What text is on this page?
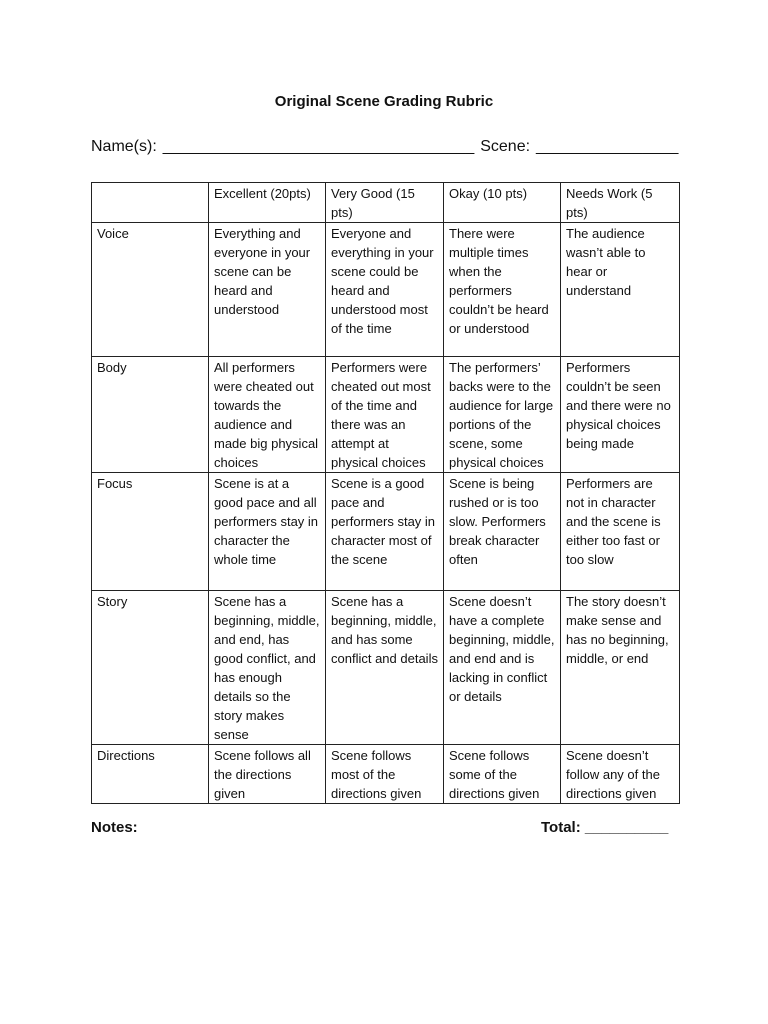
Original Scene Grading Rubric
Name(s): ___________________________________ Scene: ________________
	Excellent (20pts)	Very Good (15 pts)	Okay (10 pts)	Needs Work (5 pts)
Voice	Everything and everyone in your scene can be heard and understood	Everyone and everything in your scene could be heard and understood most of the time	There were multiple times when the performers couldn’t be heard or understood	The audience wasn’t able to hear or understand
Body	All performers were cheated out towards the audience and made big physical choices	Performers were cheated out most of the time and there was an attempt at physical choices	The performers’ backs were to the audience for large portions of the scene, some physical choices	Performers couldn’t be seen and there were no physical choices being made
Focus	Scene is at a good pace and all performers stay in character the whole time	Scene is a good pace and performers stay in character most of the scene	Scene is being rushed or is too slow. Performers break character often	Performers are not in character and the scene is either too fast or too slow
Story	Scene has a beginning, middle, and end, has good conflict, and has enough details so the story makes sense	Scene has a beginning, middle, and has some conflict and details	Scene doesn’t have a complete beginning, middle, and end and is lacking in conflict or details	The story doesn’t make sense and has no beginning, middle, or end
Directions	Scene follows all the directions given	Scene follows most of the directions given	Scene follows some of the directions given	Scene doesn’t follow any of the directions given
Notes:	Total: __________
